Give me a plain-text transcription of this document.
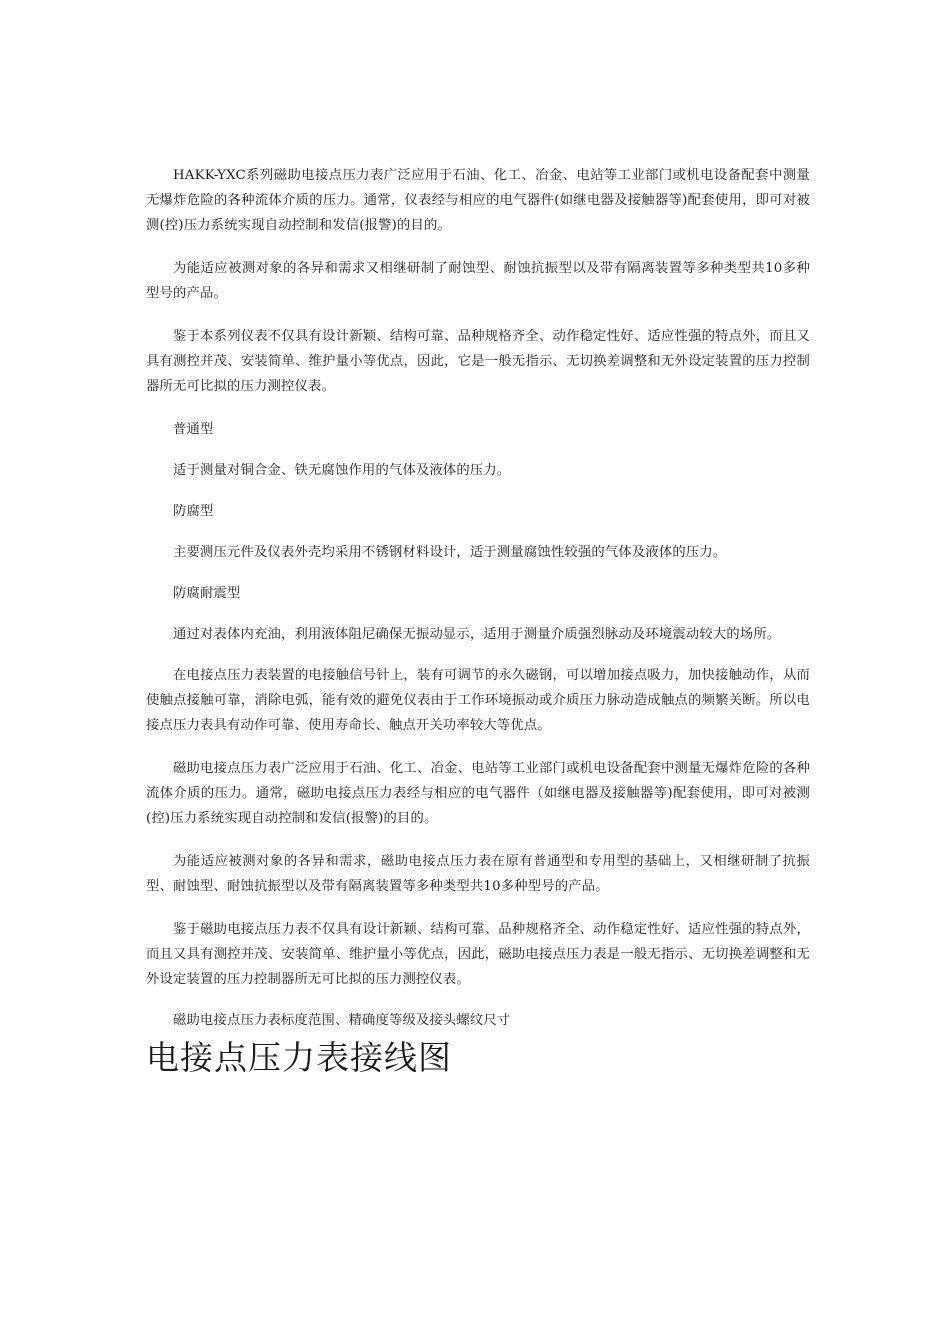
HAKK-YXC系列磁助电接点压力表广泛应用于石油、化工、冶金、电站等工业部门或机电设备配套中测量无爆炸危险的各种流体介质的压力。通常，仪表经与相应的电气器件(如继电器及接触器等)配套使用，即可对被测(控)压力系统实现自动控制和发信(报警)的目的。

为能适应被测对象的各异和需求又相继研制了耐蚀型、耐蚀抗振型以及带有隔离装置等多种类型共10多种型号的产品。

鉴于本系列仪表不仅具有设计新颖、结构可靠、品种规格齐全、动作稳定性好、适应性强的特点外，而且又具有测控并茂、安装简单、维护量小等优点，因此，它是一般无指示、无切换差调整和无外设定装置的压力控制器所无可比拟的压力测控仪表。

普通型

适于测量对铜合金、铁无腐蚀作用的气体及液体的压力。

防腐型

主要测压元件及仪表外壳均采用不锈钢材料设计，适于测量腐蚀性较强的气体及液体的压力。

防腐耐震型

通过对表体内充油，利用液体阻尼确保无振动显示，适用于测量介质强烈脉动及环境震动较大的场所。

在电接点压力表装置的电接触信号针上，装有可调节的永久磁钢，可以增加接点吸力，加快接触动作，从而使触点接触可靠，消除电弧，能有效的避免仪表由于工作环境振动或介质压力脉动造成触点的频繁关断。所以电接点压力表具有动作可靠、使用寿命长、触点开关功率较大等优点。

磁助电接点压力表广泛应用于石油、化工、冶金、电站等工业部门或机电设备配套中测量无爆炸危险的各种流体介质的压力。通常，磁助电接点压力表经与相应的电气器件（如继电器及接触器等)配套使用，即可对被测(控)压力系统实现自动控制和发信(报警)的目的。

为能适应被测对象的各异和需求，磁助电接点压力表在原有普通型和专用型的基础上，又相继研制了抗振型、耐蚀型、耐蚀抗振型以及带有隔离装置等多种类型共10多种型号的产品。

鉴于磁助电接点压力表不仅具有设计新颖、结构可靠、品种规格齐全、动作稳定性好、适应性强的特点外，而且又具有测控并茂、安装简单、维护量小等优点，因此，磁助电接点压力表是一般无指示、无切换差调整和无外设定装置的压力控制器所无可比拟的压力测控仪表。

磁助电接点压力表标度范围、精确度等级及接头螺纹尺寸

电接点压力表接线图
